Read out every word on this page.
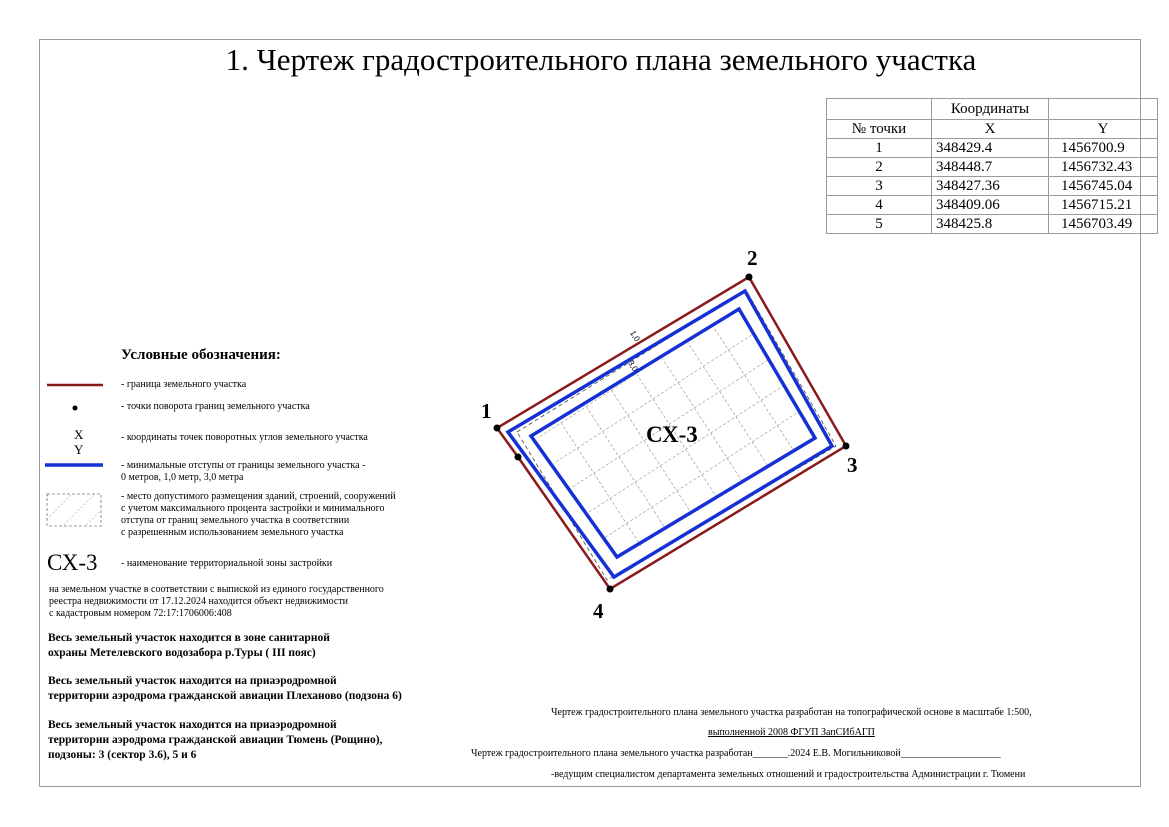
1. Чертеж градостроительного плана земельного участка
	Координаты	
№ точки	X	Y
1	348429.4	1456700.9
2	348448.7	1456732.43
3	348427.36	1456745.04
4	348409.06	1456715.21
5	348425.8	1456703.49
1,0
3,0
1
2
3
4
СХ-3
Условные обозначения:
- граница земельного участка
- точки поворота границ земельного участка
X
Y
- координаты точек поворотных углов земельного участка
- минимальные отступы от границы земельного участка -
0 метров, 1,0 метр, 3,0 метра
- место допустимого размещения зданий, строений, сооружений
с учетом максимального процента застройки и минимального
отступа от границ земельного участка в соответствии
с разрешенным использованием земельного участка
СХ-3 - наименование территориальной зоны застройки
на земельном участке в соответствии с выпиской из единого государственного
реестра недвижимости от 17.12.2024 находится объект недвижимости
с кадастровым номером 72:17:1706006:408
Весь земельный участок находится в зоне санитарной
охраны Метелевского водозабора р.Туры ( III пояс)
Весь земельный участок находится на приаэродромной
территории аэродрома гражданской авиации Плеханово (подзона 6)
Весь земельный участок находится на приаэродромной
территории аэродрома гражданской авиации Тюмень (Рощино),
подзоны: 3 (сектор 3.6), 5 и 6
Чертеж градостроительного плана земельного участка разработан на топографической основе в масштабе 1:500,
выполненной 2008 ФГУП ЗапСИбАГП
Чертеж градостроительного плана земельного участка разработан_______.2024 Е.В. Могильниковой____________________
-ведущим специалистом департамента земельных отношений и градостроительства Администрации г. Тюмени
